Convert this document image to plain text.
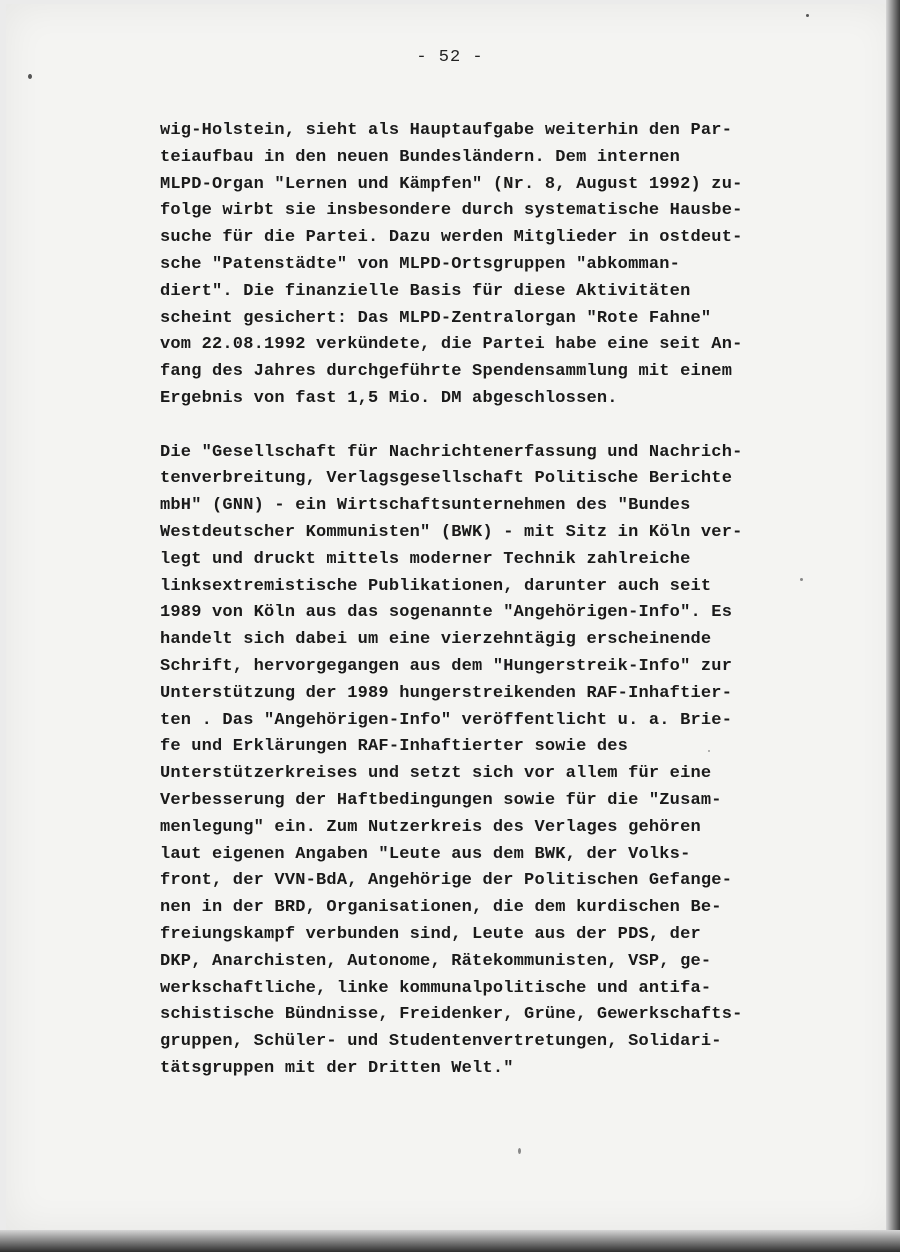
- 52 -
wig-Holstein, sieht als Hauptaufgabe weiterhin den Par-
teiaufbau in den neuen Bundesländern. Dem internen
MLPD-Organ "Lernen und Kämpfen" (Nr. 8, August 1992) zu-
folge wirbt sie insbesondere durch systematische Hausbe-
suche für die Partei. Dazu werden Mitglieder in ostdeut-
sche "Patenstädte" von MLPD-Ortsgruppen "abkomman-
diert". Die finanzielle Basis für diese Aktivitäten
scheint gesichert: Das MLPD-Zentralorgan "Rote Fahne"
vom 22.08.1992 verkündete, die Partei habe eine seit An-
fang des Jahres durchgeführte Spendensammlung mit einem
Ergebnis von fast 1,5 Mio. DM abgeschlossen.
Die "Gesellschaft für Nachrichtenerfassung und Nachrich-
tenverbreitung, Verlagsgesellschaft Politische Berichte
mbH" (GNN) - ein Wirtschaftsunternehmen des "Bundes
Westdeutscher Kommunisten" (BWK) - mit Sitz in Köln ver-
legt und druckt mittels moderner Technik zahlreiche
linksextremistische Publikationen, darunter auch seit
1989 von Köln aus das sogenannte "Angehörigen-Info". Es
handelt sich dabei um eine vierzehntägig erscheinende
Schrift, hervorgegangen aus dem "Hungerstreik-Info" zur
Unterstützung der 1989 hungerstreikenden RAF-Inhaftier-
ten . Das "Angehörigen-Info" veröffentlicht u. a. Brie-
fe und Erklärungen RAF-Inhaftierter sowie des
Unterstützerkreises und setzt sich vor allem für eine
Verbesserung der Haftbedingungen sowie für die "Zusam-
menlegung" ein. Zum Nutzerkreis des Verlages gehören
laut eigenen Angaben "Leute aus dem BWK, der Volks-
front, der VVN-BdA, Angehörige der Politischen Gefange-
nen in der BRD, Organisationen, die dem kurdischen Be-
freiungskampf verbunden sind, Leute aus der PDS, der
DKP, Anarchisten, Autonome, Rätekommunisten, VSP, ge-
werkschaftliche, linke kommunalpolitische und antifa-
schistische Bündnisse, Freidenker, Grüne, Gewerkschafts-
gruppen, Schüler- und Studentenvertretungen, Solidari-
tätsgruppen mit der Dritten Welt."
